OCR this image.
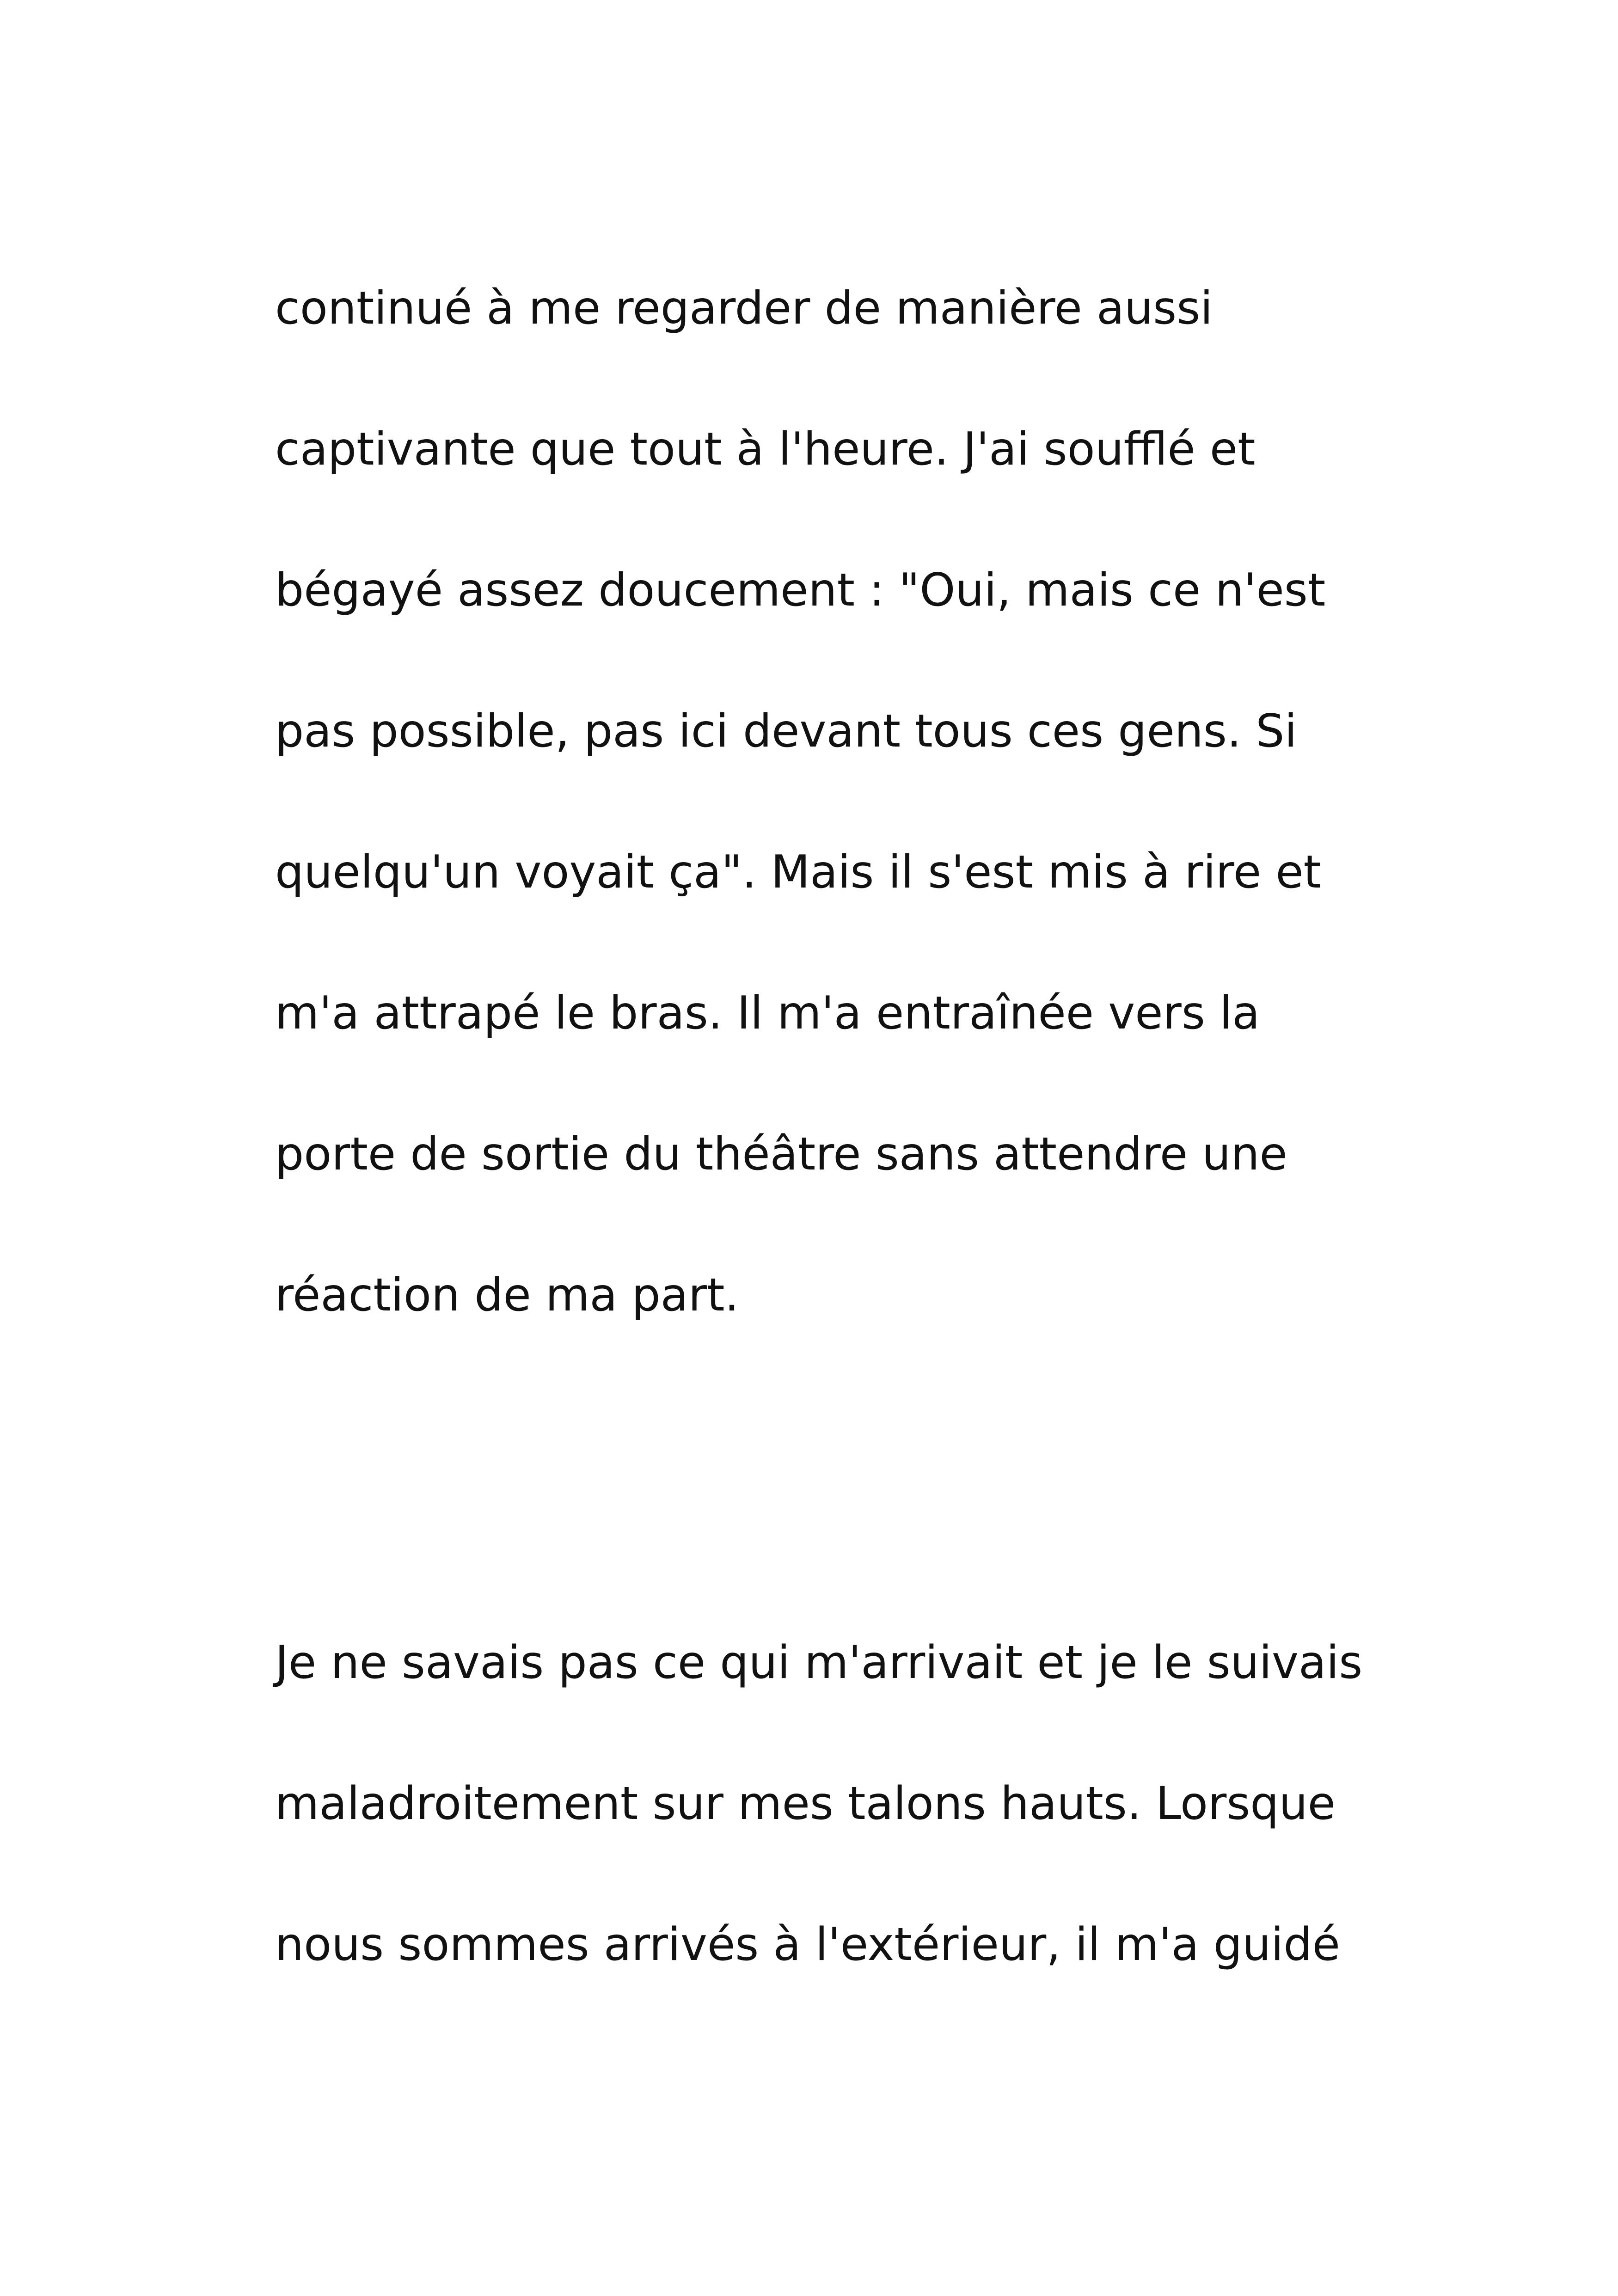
continué à me regarder de manière aussi

captivante que tout à l'heure. J'ai soufflé et

bégayé assez doucement : "Oui, mais ce n'est

pas possible, pas ici devant tous ces gens. Si

quelqu'un voyait ça". Mais il s'est mis à rire et

m'a attrapé le bras. Il m'a entraînée vers la

porte de sortie du théâtre sans attendre une

réaction de ma part.

Je ne savais pas ce qui m'arrivait et je le suivais

maladroitement sur mes talons hauts. Lorsque

nous sommes arrivés à l'extérieur, il m'a guidé
